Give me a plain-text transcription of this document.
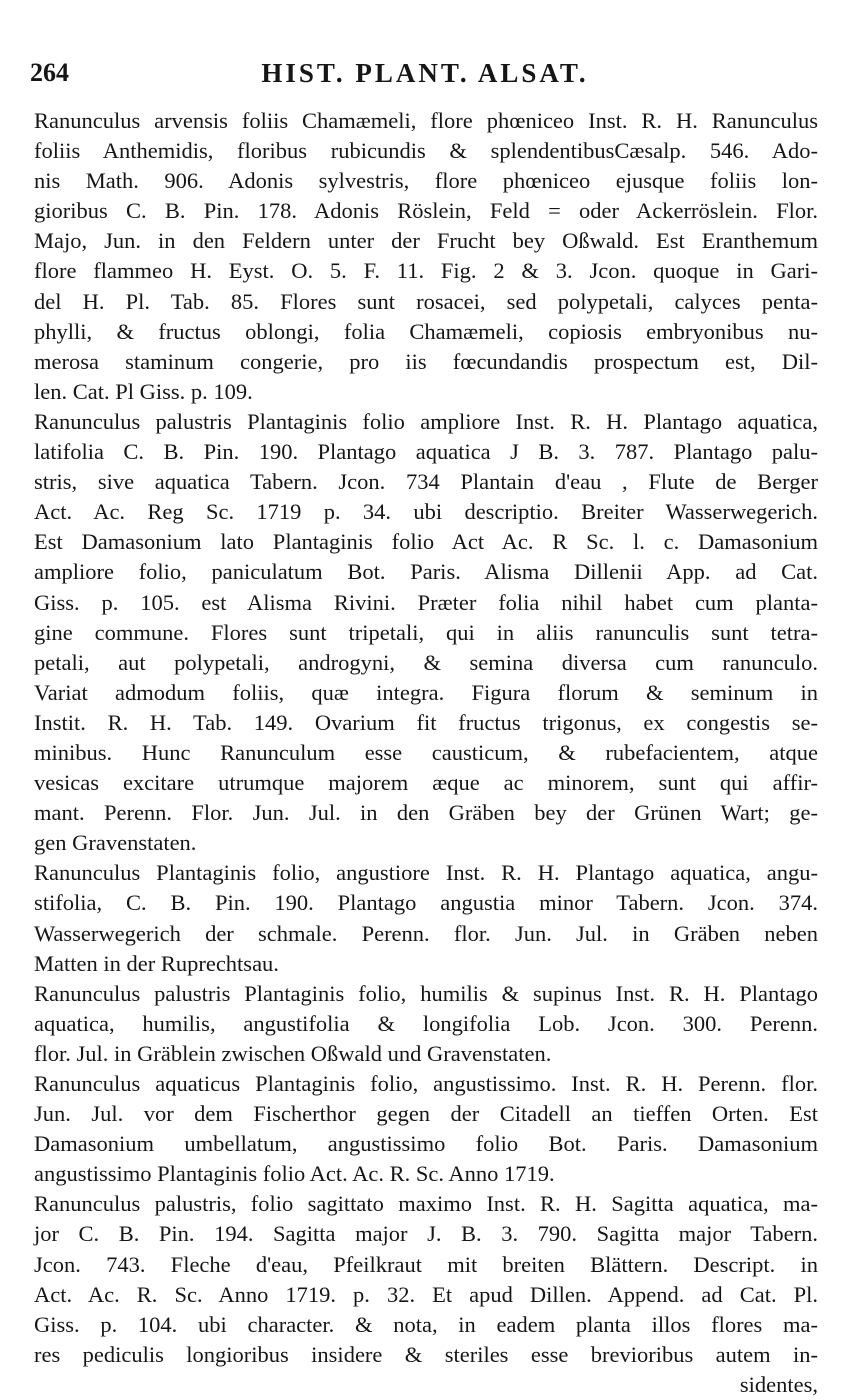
264	HIST. PLANT. ALSAT.
Ranunculus arvensis foliis Chamæmeli, flore phœniceo Inst. R. H. Ranunculus
foliis Anthemidis, floribus rubicundis & splendentibusCæsalp. 546. Ado-
nis Math. 906. Adonis sylvestris, flore phœniceo ejusque foliis lon-
gioribus C. B. Pin. 178. Adonis Röslein, Feld = oder Ackerröslein. Flor.
Majo, Jun. in den Feldern unter der Frucht bey Oßwald. Est Eranthemum
flore flammeo H. Eyst. O. 5. F. 11. Fig. 2 & 3. Jcon. quoque in Gari-
del H. Pl. Tab. 85. Flores sunt rosacei, sed polypetali, calyces penta-
phylli, & fructus oblongi, folia Chamæmeli, copiosis embryonibus nu-
merosa staminum congerie, pro iis fœcundandis prospectum est, Dil-
len. Cat. Pl Giss. p. 109.
Ranunculus palustris Plantaginis folio ampliore Inst. R. H. Plantago aquatica,
latifolia C. B. Pin. 190. Plantago aquatica J B. 3. 787. Plantago palu-
stris, sive aquatica Tabern. Jcon. 734 Plantain d'eau , Flute de Berger
Act. Ac. Reg Sc. 1719 p. 34. ubi descriptio. Breiter Wasserwegerich.
Est Damasonium lato Plantaginis folio Act Ac. R Sc. l. c. Damasonium
ampliore folio, paniculatum Bot. Paris. Alisma Dillenii App. ad Cat.
Giss. p. 105. est Alisma Rivini. Præter folia nihil habet cum planta-
gine commune. Flores sunt tripetali, qui in aliis ranunculis sunt tetra-
petali, aut polypetali, androgyni, & semina diversa cum ranunculo.
Variat admodum foliis, quæ integra. Figura florum & seminum in
Instit. R. H. Tab. 149. Ovarium fit fructus trigonus, ex congestis se-
minibus. Hunc Ranunculum esse causticum, & rubefacientem, atque
vesicas excitare utrumque majorem æque ac minorem, sunt qui affir-
mant. Perenn. Flor. Jun. Jul. in den Gräben bey der Grünen Wart; ge-
gen Gravenstaten.
Ranunculus Plantaginis folio, angustiore Inst. R. H. Plantago aquatica, angu-
stifolia, C. B. Pin. 190. Plantago angustia minor Tabern. Jcon. 374.
Wasserwegerich der schmale. Perenn. flor. Jun. Jul. in Gräben neben
Matten in der Ruprechtsau.
Ranunculus palustris Plantaginis folio, humilis & supinus Inst. R. H. Plantago
aquatica, humilis, angustifolia & longifolia Lob. Jcon. 300. Perenn.
flor. Jul. in Gräblein zwischen Oßwald und Gravenstaten.
Ranunculus aquaticus Plantaginis folio, angustissimo. Inst. R. H. Perenn. flor.
Jun. Jul. vor dem Fischerthor gegen der Citadell an tieffen Orten. Est
Damasonium umbellatum, angustissimo folio Bot. Paris. Damasonium
angustissimo Plantaginis folio Act. Ac. R. Sc. Anno 1719.
Ranunculus palustris, folio sagittato maximo Inst. R. H. Sagitta aquatica, ma-
jor C. B. Pin. 194. Sagitta major J. B. 3. 790. Sagitta major Tabern.
Jcon. 743. Fleche d'eau, Pfeilkraut mit breiten Blättern. Descript. in
Act. Ac. R. Sc. Anno 1719. p. 32. Et apud Dillen. Append. ad Cat. Pl.
Giss. p. 104. ubi character. & nota, in eadem planta illos flores ma-
res pediculis longioribus insidere & steriles esse brevioribus autem in-
sidentes,
